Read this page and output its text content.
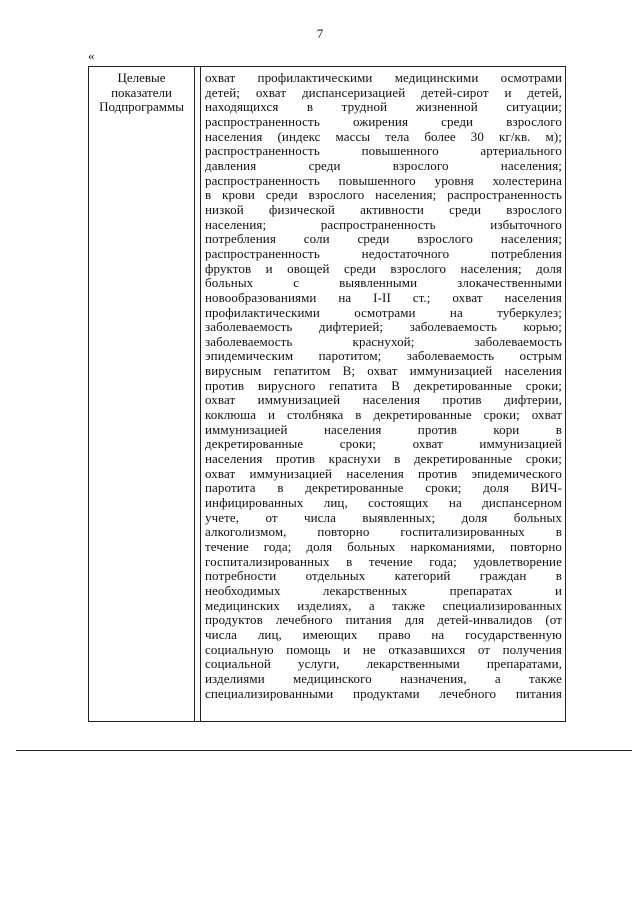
7
«
Целевые
показатели
Подпрограммы
охват профилактическими медицинскими осмотрами
детей; охват диспансеризацией детей-сирот и детей,
находящихся в трудной жизненной ситуации;
распространенность ожирения среди взрослого
населения (индекс массы тела более 30 кг/кв. м);
распространенность повышенного артериального
давления среди взрослого населения;
распространенность повышенного уровня холестерина
в крови среди взрослого населения; распространенность
низкой физической активности среди взрослого
населения; распространенность избыточного
потребления соли среди взрослого населения;
распространенность недостаточного потребления
фруктов и овощей среди взрослого населения; доля
больных с выявленными злокачественными
новообразованиями на I-II ст.; охват населения
профилактическими осмотрами на туберкулез;
заболеваемость дифтерией; заболеваемость корью;
заболеваемость краснухой; заболеваемость
эпидемическим паротитом; заболеваемость острым
вирусным гепатитом В; охват иммунизацией населения
против вирусного гепатита В декретированные сроки;
охват иммунизацией населения против дифтерии,
коклюша и столбняка в декретированные сроки; охват
иммунизацией населения против кори в
декретированные сроки; охват иммунизацией
населения против краснухи в декретированные сроки;
охват иммунизацией населения против эпидемического
паротита в декретированные сроки; доля ВИЧ-
инфицированных лиц, состоящих на диспансерном
учете, от числа выявленных; доля больных
алкоголизмом, повторно госпитализированных в
течение года; доля больных наркоманиями, повторно
госпитализированных в течение года; удовлетворение
потребности отдельных категорий граждан в
необходимых лекарственных препаратах и
медицинских изделиях, а также специализированных
продуктов лечебного питания для детей-инвалидов (от
числа лиц, имеющих право на государственную
социальную помощь и не отказавшихся от получения
социальной услуги, лекарственными препаратами,
изделиями медицинского назначения, а также
специализированными продуктами лечебного питания
